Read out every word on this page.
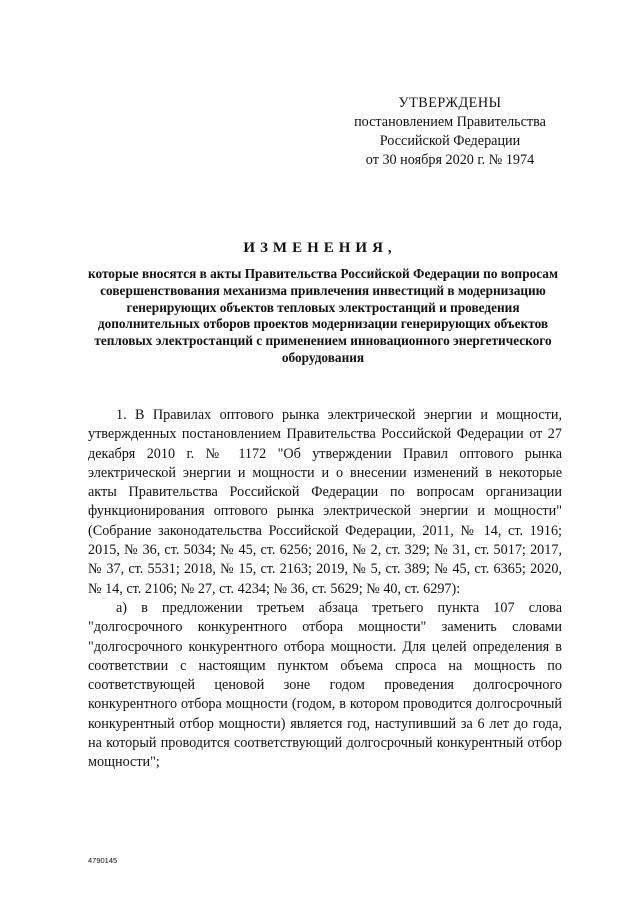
УТВЕРЖДЕНЫ
постановлением Правительства
Российской Федерации
от 30 ноября 2020 г. № 1974
ИЗМЕНЕНИЯ,
которые вносятся в акты Правительства Российской Федерации по вопросам совершенствования механизма привлечения инвестиций в модернизацию генерирующих объектов тепловых электростанций и проведения дополнительных отборов проектов модернизации генерирующих объектов тепловых электростанций с применением инновационного энергетического оборудования

1. В Правилах оптового рынка электрической энергии и мощности, утвержденных постановлением Правительства Российской Федерации от 27 декабря 2010 г. № 1172 "Об утверждении Правил оптового рынка электрической энергии и мощности и о внесении изменений в некоторые акты Правительства Российской Федерации по вопросам организации функционирования оптового рынка электрической энергии и мощности" (Собрание законодательства Российской Федерации, 2011, № 14, ст. 1916; 2015, № 36, ст. 5034; № 45, ст. 6256; 2016, № 2, ст. 329; № 31, ст. 5017; 2017, № 37, ст. 5531; 2018, № 15, ст. 2163; 2019, № 5, ст. 389; № 45, ст. 6365; 2020, № 14, ст. 2106; № 27, ст. 4234; № 36, ст. 5629; № 40, ст. 6297):

а) в предложении третьем абзаца третьего пункта 107 слова "долгосрочного конкурентного отбора мощности" заменить словами "долгосрочного конкурентного отбора мощности. Для целей определения в соответствии с настоящим пунктом объема спроса на мощность по соответствующей ценовой зоне годом проведения долгосрочного конкурентного отбора мощности (годом, в котором проводится долгосрочный конкурентный отбор мощности) является год, наступивший за 6 лет до года, на который проводится соответствующий долгосрочный конкурентный отбор мощности";

4790145
